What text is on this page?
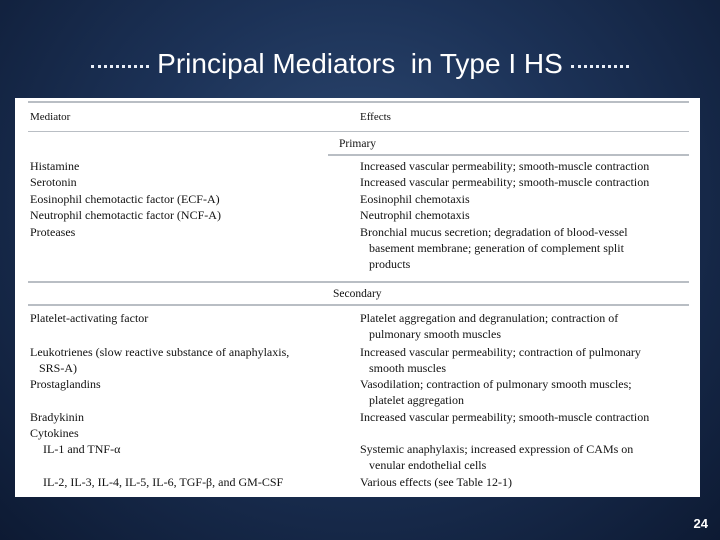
Principal Mediators  in Type I HS
Mediator	Effects
Primary
Histamine	Increased vascular permeability; smooth-muscle contraction
Serotonin	Increased vascular permeability; smooth-muscle contraction
Eosinophil chemotactic factor (ECF-A)	Eosinophil chemotaxis
Neutrophil chemotactic factor (NCF-A)	Neutrophil chemotaxis
Proteases	Bronchial mucus secretion; degradation of blood-vessel
basement membrane; generation of complement split
products
Secondary
Platelet-activating factor	Platelet aggregation and degranulation; contraction of
pulmonary smooth muscles
Leukotrienes (slow reactive substance of anaphylaxis,	Increased vascular permeability; contraction of pulmonary
SRS-A)	smooth muscles
Prostaglandins	Vasodilation; contraction of pulmonary smooth muscles;
platelet aggregation
Bradykinin	Increased vascular permeability; smooth-muscle contraction
Cytokines
IL-1 and TNF-α	Systemic anaphylaxis; increased expression of CAMs on
venular endothelial cells
IL-2, IL-3, IL-4, IL-5, IL-6, TGF-β, and GM-CSF	Various effects (see Table 12-1)
24
